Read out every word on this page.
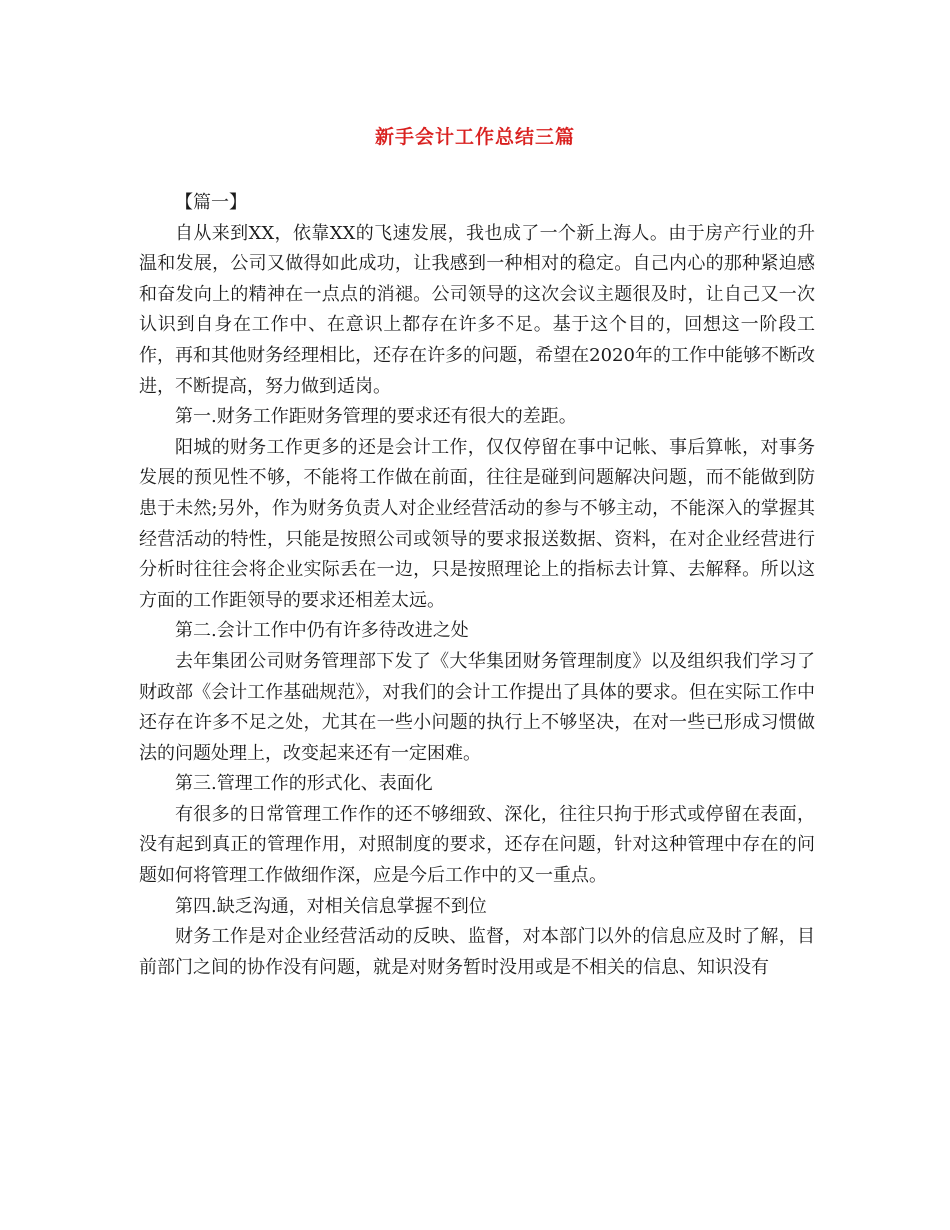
新手会计工作总结三篇

【篇一】

自从来到XX，依靠XX的飞速发展，我也成了一个新上海人。由于房产行业的升温和发展，公司又做得如此成功，让我感到一种相对的稳定。自己内心的那种紧迫感和奋发向上的精神在一点点的消褪。公司领导的这次会议主题很及时，让自己又一次认识到自身在工作中、在意识上都存在许多不足。基于这个目的，回想这一阶段工作，再和其他财务经理相比，还存在许多的问题，希望在2020年的工作中能够不断改进，不断提高，努力做到适岗。

第一.财务工作距财务管理的要求还有很大的差距。

阳城的财务工作更多的还是会计工作，仅仅停留在事中记帐、事后算帐，对事务发展的预见性不够，不能将工作做在前面，往往是碰到问题解决问题，而不能做到防患于未然;另外，作为财务负责人对企业经营活动的参与不够主动，不能深入的掌握其经营活动的特性，只能是按照公司或领导的要求报送数据、资料，在对企业经营进行分析时往往会将企业实际丢在一边，只是按照理论上的指标去计算、去解释。所以这方面的工作距领导的要求还相差太远。

第二.会计工作中仍有许多待改进之处

去年集团公司财务管理部下发了《大华集团财务管理制度》以及组织我们学习了财政部《会计工作基础规范》，对我们的会计工作提出了具体的要求。但在实际工作中还存在许多不足之处，尤其在一些小问题的执行上不够坚决，在对一些已形成习惯做法的问题处理上，改变起来还有一定困难。

第三.管理工作的形式化、表面化

有很多的日常管理工作作的还不够细致、深化，往往只拘于形式或停留在表面，没有起到真正的管理作用，对照制度的要求，还存在问题，针对这种管理中存在的问题如何将管理工作做细作深，应是今后工作中的又一重点。

第四.缺乏沟通，对相关信息掌握不到位

财务工作是对企业经营活动的反映、监督，对本部门以外的信息应及时了解，目前部门之间的协作没有问题，就是对财务暂时没用或是不相关的信息、知识没有
